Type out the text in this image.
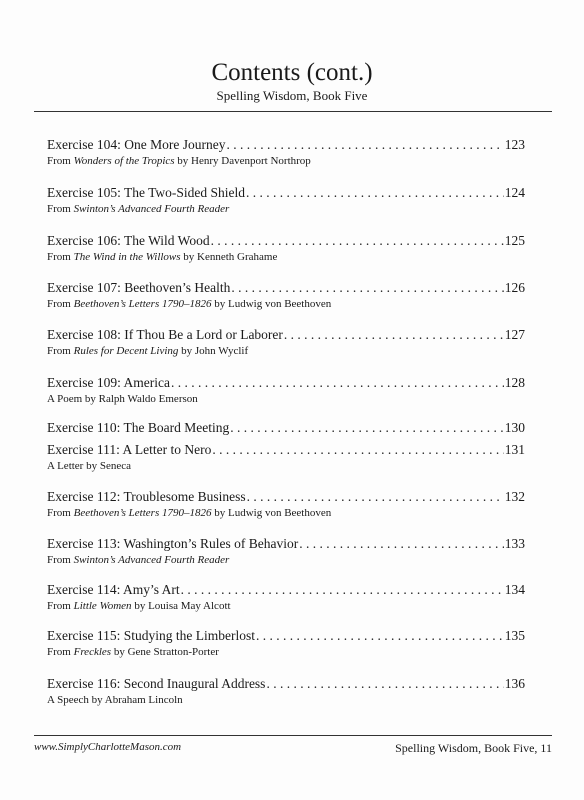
Contents (cont.)
Spelling Wisdom, Book Five
Exercise 104: One More Journey . . .	123
From Wonders of the Tropics by Henry Davenport Northrop
Exercise 105: The Two-Sided Shield . . .	124
From Swinton’s Advanced Fourth Reader
Exercise 106: The Wild Wood . . .	125
From The Wind in the Willows by Kenneth Grahame
Exercise 107: Beethoven’s Health . . .	126
From Beethoven’s Letters 1790–1826 by Ludwig von Beethoven
Exercise 108: If Thou Be a Lord or Laborer . . .	127
From Rules for Decent Living by John Wyclif
Exercise 109: America . . .	128
A Poem by Ralph Waldo Emerson
Exercise 110: The Board Meeting . . .	130
Exercise 111: A Letter to Nero . . .	131
A Letter by Seneca
Exercise 112: Troublesome Business . . .	132
From Beethoven’s Letters 1790–1826 by Ludwig von Beethoven
Exercise 113: Washington’s Rules of Behavior . . .	133
From Swinton’s Advanced Fourth Reader
Exercise 114: Amy’s Art . . .	134
From Little Women by Louisa May Alcott
Exercise 115: Studying the Limberlost . . .	135
From Freckles by Gene Stratton-Porter
Exercise 116: Second Inaugural Address . . .	136
A Speech by Abraham Lincoln
www.SimplyCharlotteMason.com	Spelling Wisdom, Book Five, 11
